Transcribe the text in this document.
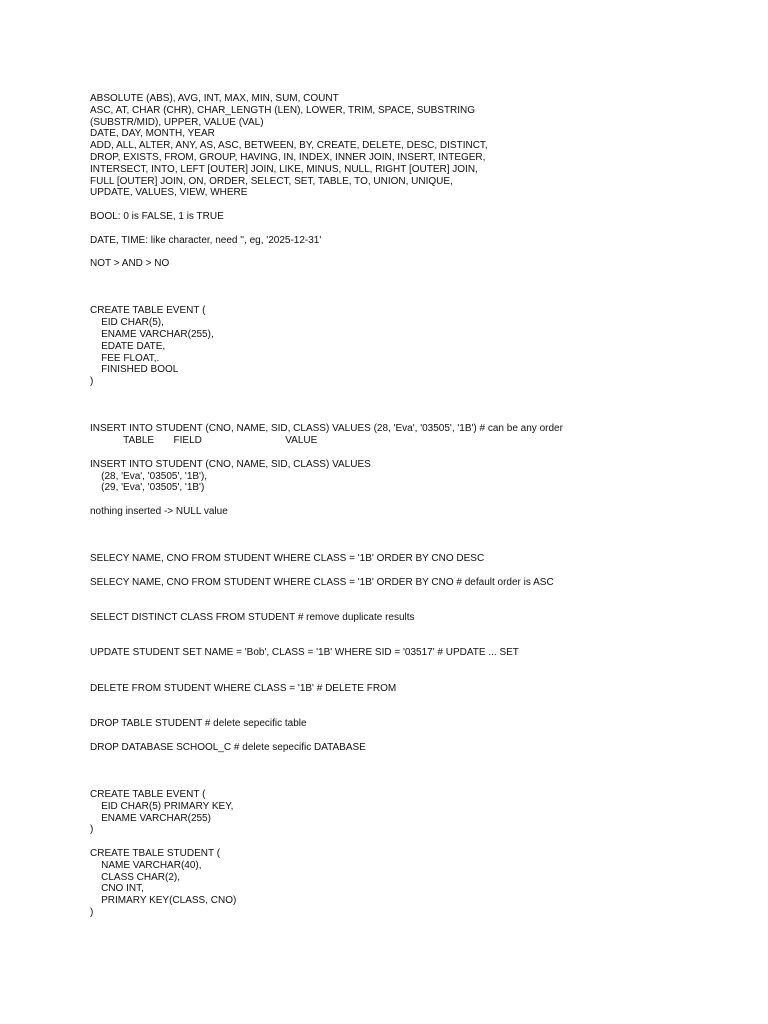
ABSOLUTE (ABS), AVG, INT, MAX, MIN, SUM, COUNT
ASC, AT, CHAR (CHR), CHAR_LENGTH (LEN), LOWER, TRIM, SPACE, SUBSTRING
(SUBSTR/MID), UPPER, VALUE (VAL)
DATE, DAY, MONTH, YEAR
ADD, ALL, ALTER, ANY, AS, ASC, BETWEEN, BY, CREATE, DELETE, DESC, DISTINCT,
DROP, EXISTS, FROM, GROUP, HAVING, IN, INDEX, INNER JOIN, INSERT, INTEGER,
INTERSECT, INTO, LEFT [OUTER] JOIN, LIKE, MINUS, NULL, RIGHT [OUTER] JOIN,
FULL [OUTER] JOIN, ON, ORDER, SELECT, SET, TABLE, TO, UNION, UNIQUE,
UPDATE, VALUES, VIEW, WHERE
BOOL: 0 is FALSE, 1 is TRUE
DATE, TIME: like character, need '', eg, '2025-12-31'
NOT > AND > NO
CREATE TABLE EVENT (
EID CHAR(5),
ENAME VARCHAR(255),
EDATE DATE,
FEE FLOAT,.
FINISHED BOOL
)
INSERT INTO STUDENT (CNO, NAME, SID, CLASS) VALUES (28, 'Eva', '03505', '1B') # can be any order
TABLE       FIELD                              VALUE
INSERT INTO STUDENT (CNO, NAME, SID, CLASS) VALUES
(28, 'Eva', '03505', '1B'),
(29, 'Eva', '03505', '1B')
nothing inserted -> NULL value
SELECY NAME, CNO FROM STUDENT WHERE CLASS = '1B' ORDER BY CNO DESC
SELECY NAME, CNO FROM STUDENT WHERE CLASS = '1B' ORDER BY CNO # default order is ASC
SELECT DISTINCT CLASS FROM STUDENT # remove duplicate results
UPDATE STUDENT SET NAME = 'Bob', CLASS = '1B' WHERE SID = '03517' # UPDATE ... SET
DELETE FROM STUDENT WHERE CLASS = '1B' # DELETE FROM
DROP TABLE STUDENT # delete sepecific table
DROP DATABASE SCHOOL_C # delete sepecific DATABASE
CREATE TABLE EVENT (
EID CHAR(5) PRIMARY KEY,
ENAME VARCHAR(255)
)
CREATE TBALE STUDENT (
NAME VARCHAR(40),
CLASS CHAR(2),
CNO INT,
PRIMARY KEY(CLASS, CNO)
)
